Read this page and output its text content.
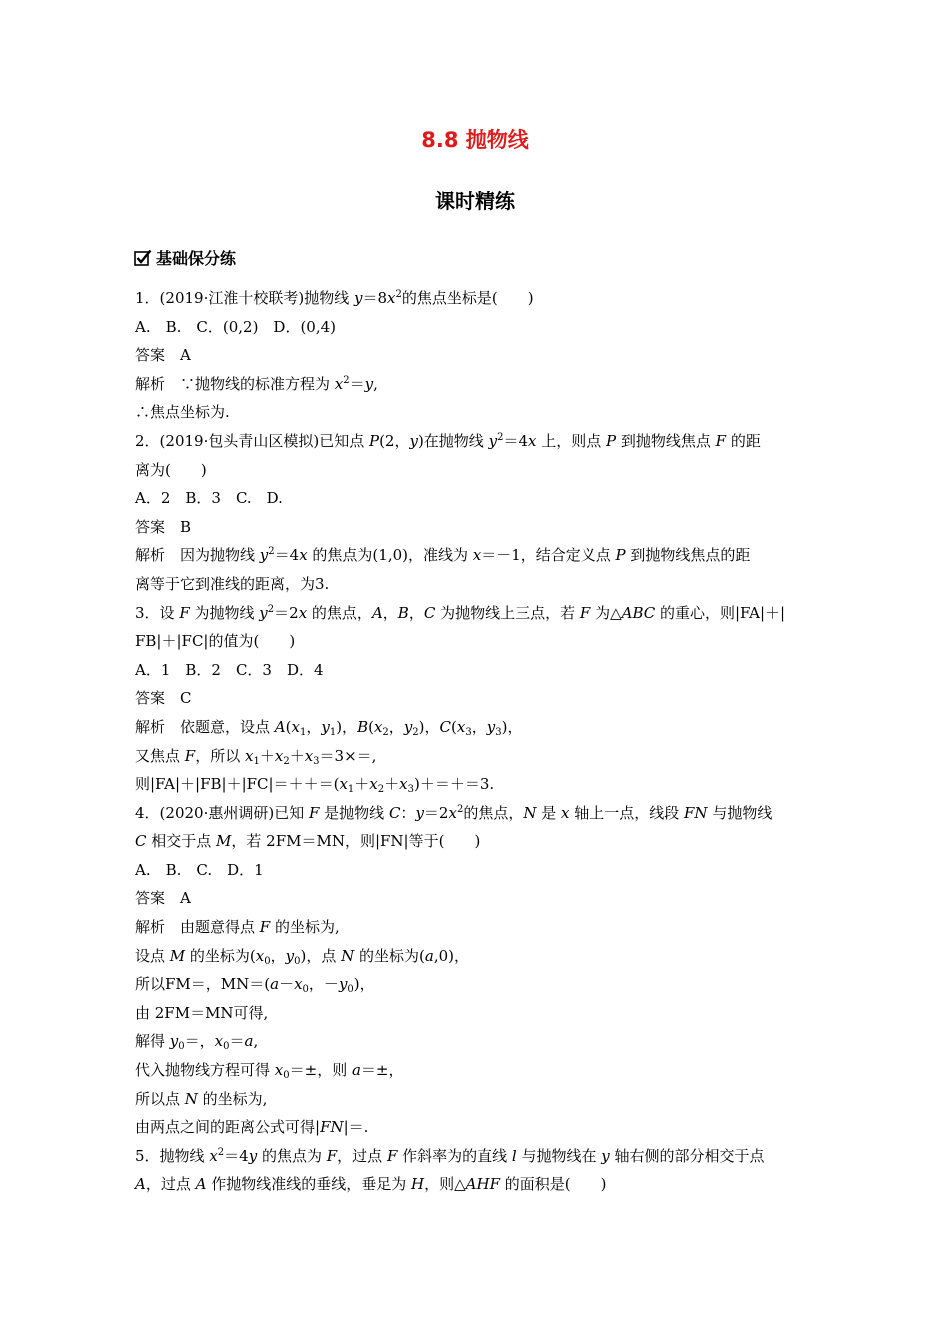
8.8 抛物线
课时精练
基础保分练

1．(2019·江淮十校联考)抛物线 $y=8x^2$的焦点坐标是(　　)

A.　B.　C．(0,2)　D．(0,4)

答案　A

解析　∵抛物线的标准方程为 $x^2=y$,

∴焦点坐标为.

2．(2019·包头青山区模拟)已知点 P(2，y)在抛物线 $y^2=4x$ 上，则点 P 到抛物线焦点 F 的距

离为(　　)

A．2　B．3　C.　D.

答案　B

解析　因为抛物线 $y^2=4x$ 的焦点为(1,0)，准线为 x＝－1，结合定义点 P 到抛物线焦点的距

离等于它到准线的距离，为3.

3．设 F 为抛物线 $y^2=2x$ 的焦点，A，B，C 为抛物线上三点，若 F 为△ABC 的重心，则|FA|＋|

FB|＋|FC|的值为(　　)

A．1　B．2　C．3　D．4

答案　C

解析　依题意，设点 $A(x_1$，$y_1$)，$B(x_2$，$y_2$)，$C(x_3$，$y_3$)，

又焦点 F，所以 $x_1+x_2+x_3=3\times=$,

则$|FA|+|FB|+|FC|=++=(x_1+x_2+x_3)+=+=3$.

4．(2020·惠州调研)已知 F 是抛物线 C：$y=2x^2$的焦点，N 是 x 轴上一点，线段 FN 与抛物线

C 相交于点 M，若 2FM＝MN，则|FN|等于(　　)

A.　B.　C.　D．1

答案　A

解析　由题意得点 F 的坐标为,

设点 M 的坐标为($x_0$，$y_0$)，点 N 的坐标为(a,0)，

所以FM＝，$MN=(a-x_0$，$-y_0$)，

由 2FM＝MN可得,

解得 $y_0=$，$x_0=a$,

代入抛物线方程可得 $x_0=\pm$，则 a＝±，

所以点 N 的坐标为,

由两点之间的距离公式可得|FN|＝.

5．抛物线 $x^2=4y$ 的焦点为 F，过点 F 作斜率为的直线 l 与抛物线在 y 轴右侧的部分相交于点

A，过点 A 作抛物线准线的垂线，垂足为 H，则△AHF 的面积是(　　)
